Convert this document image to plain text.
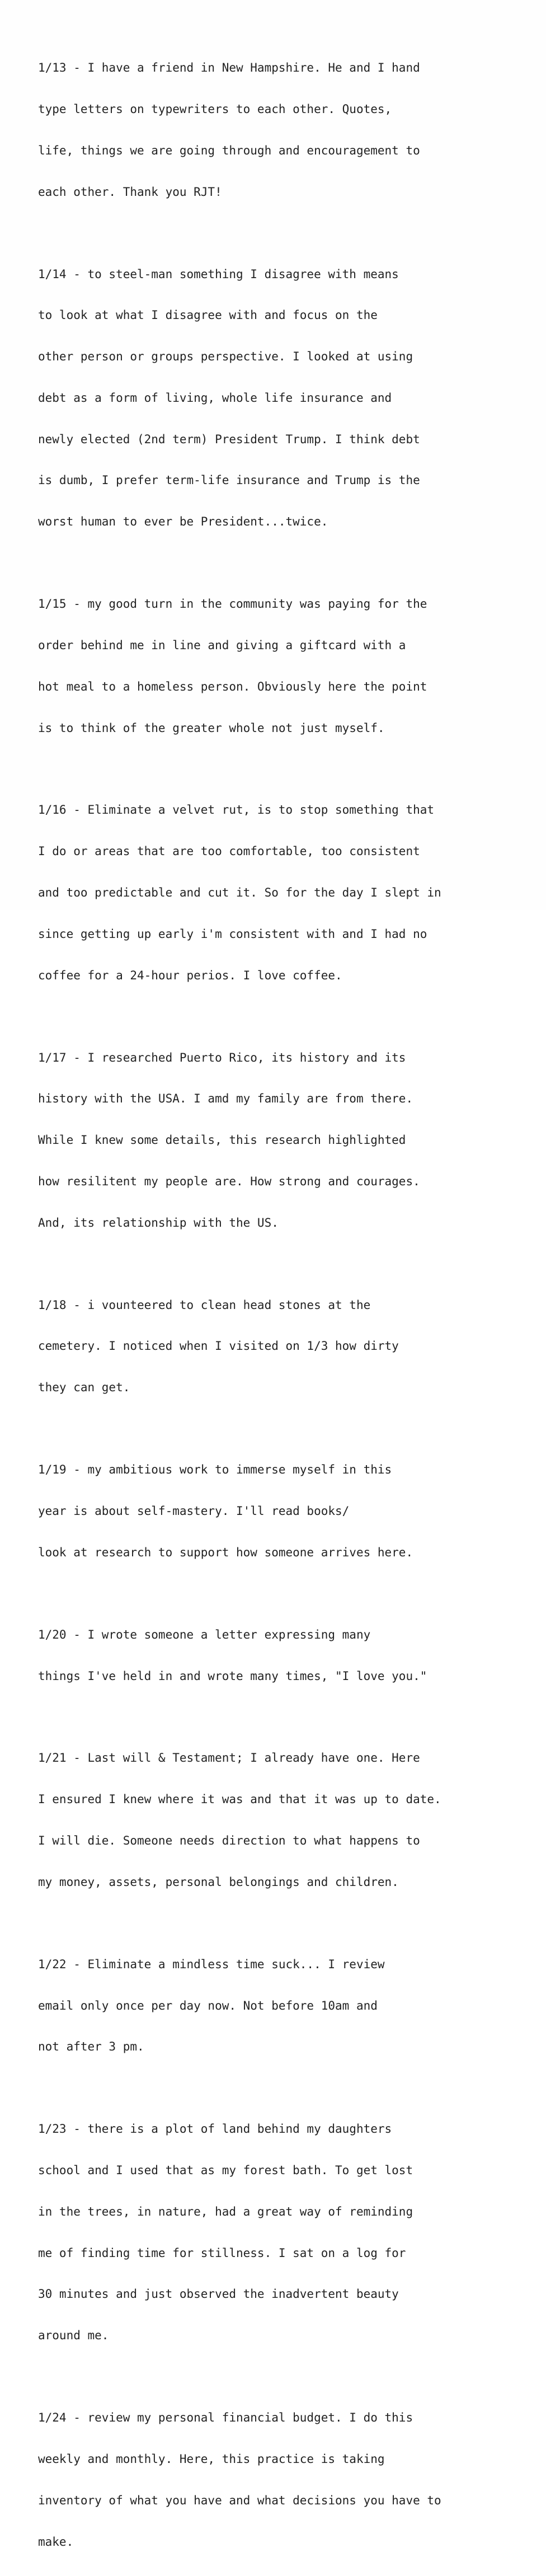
1/13 - I have a friend in New Hampshire. He and I hand

type letters on typewriters to each other. Quotes,

life, things we are going through and encouragement to

each other. Thank you RJT!

1/14 - to steel-man something I disagree with means

to look at what I disagree with and focus on the

other person or groups perspective. I looked at using

debt as a form of living, whole life insurance and

newly elected (2nd term) President Trump. I think debt

is dumb, I prefer term-life insurance and Trump is the

worst human to ever be President...twice.

1/15 - my good turn in the community was paying for the

order behind me in line and giving a giftcard with a

hot meal to a homeless person. Obviously here the point

is to think of the greater whole not just myself.

1/16 - Eliminate a velvet rut, is to stop something that

I do or areas that are too comfortable, too consistent

and too predictable and cut it. So for the day I slept in

since getting up early i'm consistent with and I had no

coffee for a 24-hour perios. I love coffee.

1/17 - I researched Puerto Rico, its history and its

history with the USA. I amd my family are from there.

While I knew some details, this research highlighted

how resilitent my people are. How strong and courages.

And, its relationship with the US.

1/18 - i vounteered to clean head stones at the

cemetery. I noticed when I visited on 1/3 how dirty

they can get.

1/19 - my ambitious work to immerse myself in this

year is about self-mastery. I'll read books/

look at research to support how someone arrives here.

1/20 - I wrote someone a letter expressing many

things I've held in and wrote many times, "I love you."

1/21 - Last will & Testament; I already have one. Here

I ensured I knew where it was and that it was up to date.

I will die. Someone needs direction to what happens to

my money, assets, personal belongings and children.

1/22 - Eliminate a mindless time suck... I review

email only once per day now. Not before 10am and

not after 3 pm.

1/23 - there is a plot of land behind my daughters

school and I used that as my forest bath. To get lost

in the trees, in nature, had a great way of reminding

me of finding time for stillness. I sat on a log for

30 minutes and just observed the inadvertent beauty

around me.

1/24 - review my personal financial budget. I do this

weekly and monthly. Here, this practice is taking

inventory of what you have and what decisions you have to

make.
